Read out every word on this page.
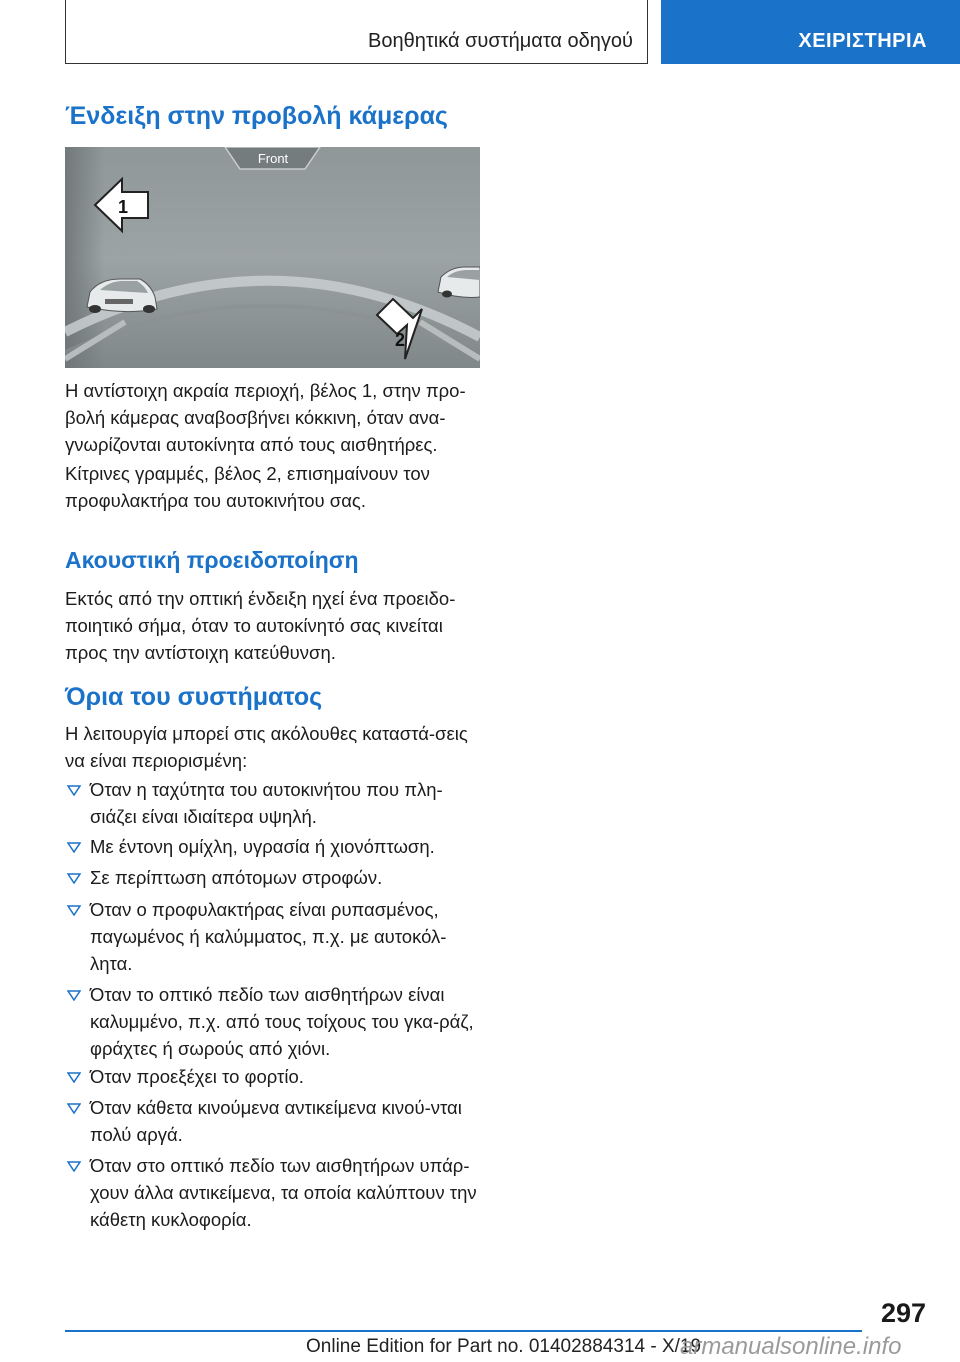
Βοηθητικά συστήματα οδηγού	ΧΕΙΡΙΣΤΗΡΙΑ
Ένδειξη στην προβολή κάμερας

Η αντίστοιχη ακραία περιοχή, βέλος 1, στην προ-βολή κάμερας αναβοσβήνει κόκκινη, όταν ανα-γνωρίζονται αυτοκίνητα από τους αισθητήρες.

Κίτρινες γραμμές, βέλος 2, επισημαίνουν τον προφυλακτήρα του αυτοκινήτου σας.

Ακουστική προειδοποίηση

Εκτός από την οπτική ένδειξη ηχεί ένα προειδο-ποιητικό σήμα, όταν το αυτοκίνητό σας κινείται προς την αντίστοιχη κατεύθυνση.

Όρια του συστήματος

Η λειτουργία μπορεί στις ακόλουθες καταστά-σεις να είναι περιορισμένη:

Όταν η ταχύτητα του αυτοκινήτου που πλη-σιάζει είναι ιδιαίτερα υψηλή.
Με έντονη ομίχλη, υγρασία ή χιονόπτωση.
Σε περίπτωση απότομων στροφών.
Όταν ο προφυλακτήρας είναι ρυπασμένος, παγωμένος ή καλύμματος, π.χ. με αυτοκόλ-λητα.
Όταν το οπτικό πεδίο των αισθητήρων είναι καλυμμένο, π.χ. από τους τοίχους του γκα-ράζ, φράχτες ή σωρούς από χιόνι.
Όταν προεξέχει το φορτίο.
Όταν κάθετα κινούμενα αντικείμενα κινού-νται πολύ αργά.
Όταν στο οπτικό πεδίο των αισθητήρων υπάρ-χουν άλλα αντικείμενα, τα οποία καλύπτουν την κάθετη κυκλοφορία.
Front
1
2
297
Online Edition for Part no. 01402884314 - X/19
armanualsonline.info
